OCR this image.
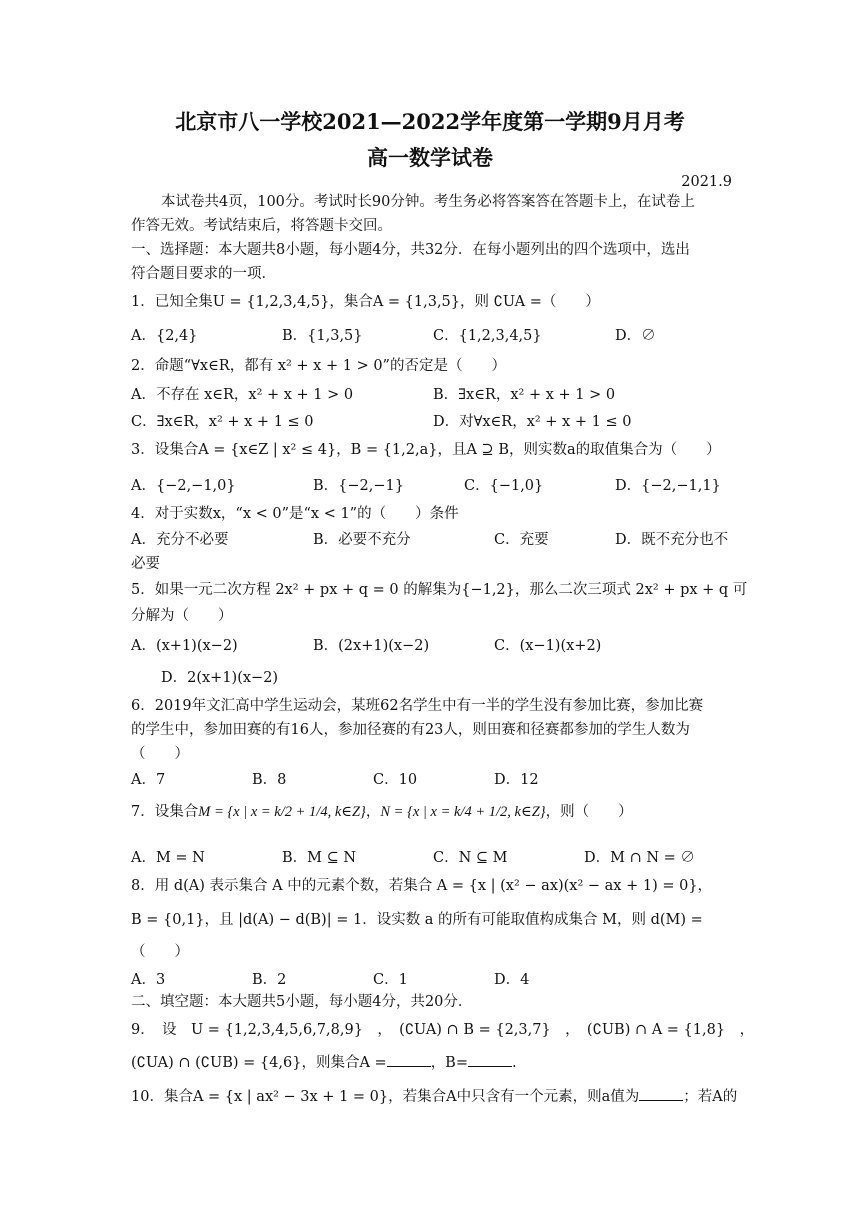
北京市八一学校2021—2022学年度第一学期9月月考
高一数学试卷
2021.9
本试卷共4页，100分。考试时长90分钟。考生务必将答案答在答题卡上，在试卷上
作答无效。考试结束后，将答题卡交回。
一、选择题：本大题共8小题，每小题4分，共32分．在每小题列出的四个选项中，选出
符合题目要求的一项．
1．已知全集U = {1,2,3,4,5}，集合A = {1,3,5}，则 ∁UA =（　　）
A．{2,4}	B．{1,3,5}	C．{1,2,3,4,5}	D．∅
2．命题“∀x∈R，都有 x² + x + 1 > 0”的否定是（　　）
A．不存在 x∈R，x² + x + 1 > 0	B．∃x∈R，x² + x + 1 > 0
C．∃x∈R，x² + x + 1 ≤ 0	D．对∀x∈R，x² + x + 1 ≤ 0
3．设集合A = {x∈Z | x² ≤ 4}，B = {1,2,a}，且A ⊇ B，则实数a的取值集合为（　　）
A．{−2,−1,0}	B．{−2,−1}	C．{−1,0}	D．{−2,−1,1}
4．对于实数x，“x < 0”是“x < 1”的（　　）条件
A．充分不必要	B．必要不充分	C．充要	D．既不充分也不
必要
5．如果一元二次方程 2x² + px + q = 0 的解集为{−1,2}，那么二次三项式 2x² + px + q 可
分解为（　　）
A．(x+1)(x−2)	B．(2x+1)(x−2)	C．(x−1)(x+2)
D．2(x+1)(x−2)
6．2019年文汇高中学生运动会，某班62名学生中有一半的学生没有参加比赛，参加比赛
的学生中，参加田赛的有16人，参加径赛的有23人，则田赛和径赛都参加的学生人数为
（　　）
A．7	B．8	C．10	D．12
7．设集合M = {x | x = k/2 + 1/4, k∈Z}，N = {x | x = k/4 + 1/2, k∈Z}，则（　　）
A．M = N	B．M ⊆ N	C．N ⊆ M	D．M ∩ N = ∅
8．用 d(A) 表示集合 A 中的元素个数，若集合 A = {x | (x² − ax)(x² − ax + 1) = 0}，
B = {0,1}，且 |d(A) − d(B)| = 1．设实数 a 的所有可能取值构成集合 M，则 d(M) =
（　　）
A．3	B．2	C．1	D．4
二、填空题：本大题共5小题，每小题4分，共20分．
9．　设　U = {1,2,3,4,5,6,7,8,9}　，　(∁UA) ∩ B = {2,3,7}　，　(∁UB) ∩ A = {1,8}　，
(∁UA) ∩ (∁UB) = {4,6}，则集合A =	，B=	.
10．集合A = {x | ax² − 3x + 1 = 0}，若集合A中只含有一个元素，则a值为	；若A的
